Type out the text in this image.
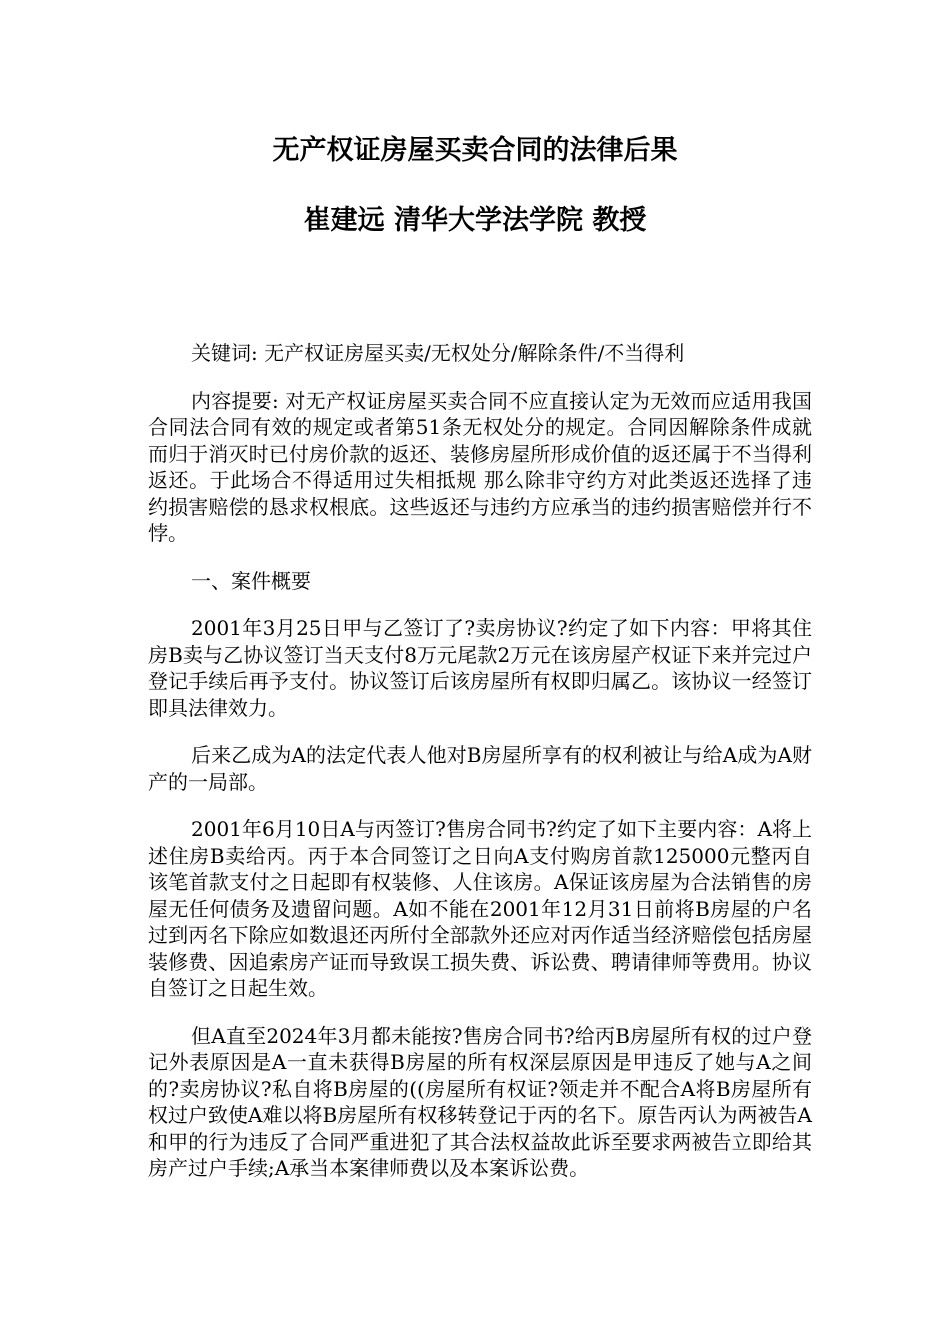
无产权证房屋买卖合同的法律后果
崔建远 清华大学法学院 教授

关键词: 无产权证房屋买卖/无权处分/解除条件/不当得利

内容提要: 对无产权证房屋买卖合同不应直接认定为无效而应适用我国合同法合同有效的规定或者第51条无权处分的规定。合同因解除条件成就而归于消灭时已付房价款的返还、装修房屋所形成价值的返还属于不当得利返还。于此场合不得适用过失相抵规 那么除非守约方对此类返还选择了违约损害赔偿的恳求权根底。这些返还与违约方应承当的违约损害赔偿并行不悖。

一、案件概要

2001年3月25日甲与乙签订了?卖房协议?约定了如下内容：甲将其住房B卖与乙协议签订当天支付8万元尾款2万元在该房屋产权证下来并完过户登记手续后再予支付。协议签订后该房屋所有权即归属乙。该协议一经签订即具法律效力。

后来乙成为A的法定代表人他对B房屋所享有的权利被让与给A成为A财产的一局部。

2001年6月10日A与丙签订?售房合同书?约定了如下主要内容：A将上述住房B卖给丙。丙于本合同签订之日向A支付购房首款125000元整丙自该笔首款支付之日起即有权装修、人住该房。A保证该房屋为合法销售的房屋无任何债务及遗留问题。A如不能在2001年12月31日前将B房屋的户名过到丙名下除应如数退还丙所付全部款外还应对丙作适当经济赔偿包括房屋装修费、因追索房产证而导致误工损失费、诉讼费、聘请律师等费用。协议自签订之日起生效。

但A直至2024年3月都未能按?售房合同书?给丙B房屋所有权的过户登记外表原因是A一直未获得B房屋的所有权深层原因是甲违反了她与A之间的?卖房协议?私自将B房屋的((房屋所有权证?领走并不配合A将B房屋所有权过户致使A难以将B房屋所有权移转登记于丙的名下。原告丙认为两被告A和甲的行为违反了合同严重进犯了其合法权益故此诉至要求两被告立即给其房产过户手续;A承当本案律师费以及本案诉讼费。
